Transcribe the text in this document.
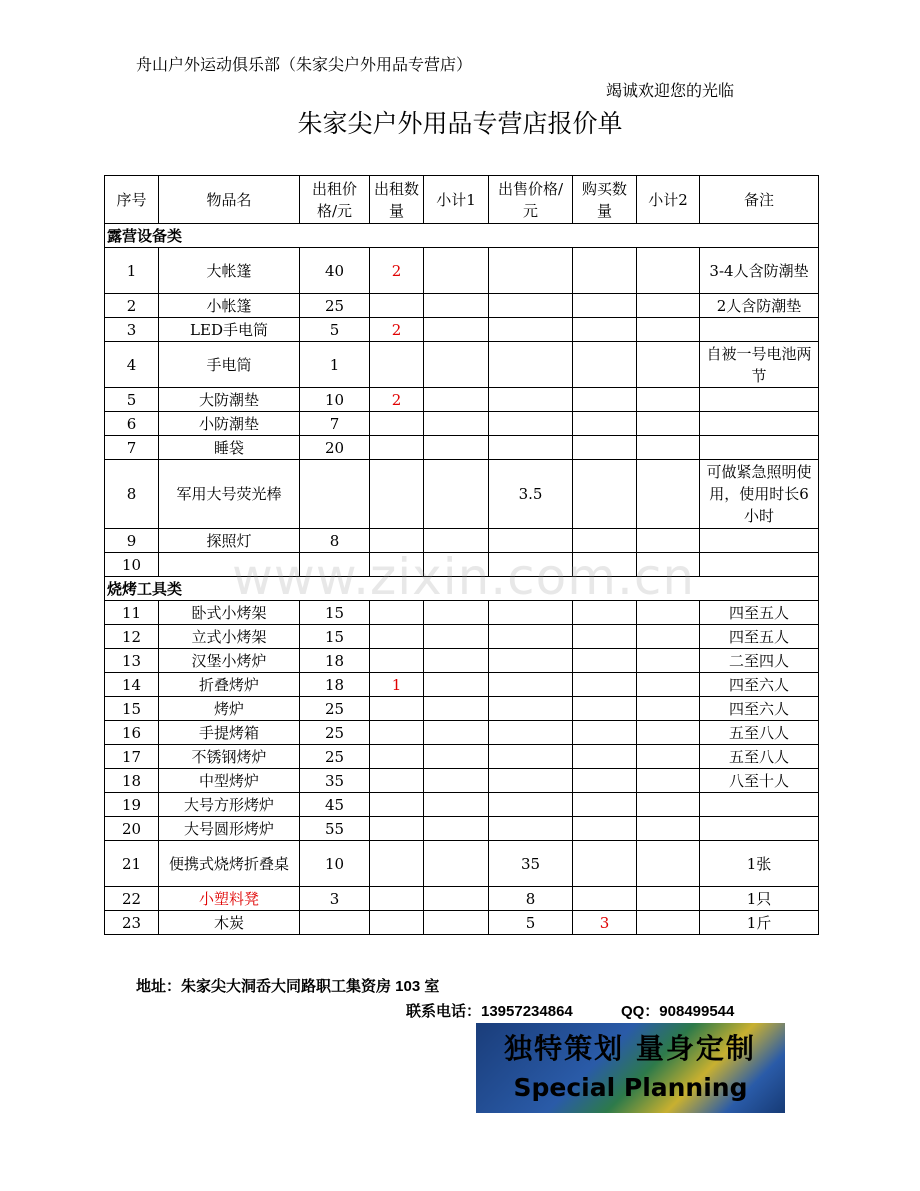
舟山户外运动俱乐部（朱家尖户外用品专营店）
竭诚欢迎您的光临
朱家尖户外用品专营店报价单
序号	物品名	出租价格/元	出租数量	小计1	出售价格/元	购买数量	小计2	备注
露营设备类								
1	大帐篷	40	2					3-4人含防潮垫
2	小帐篷	25						2人含防潮垫
3	LED手电筒	5	2					
4	手电筒	1						自被一号电池两节
5	大防潮垫	10	2					
6	小防潮垫	7						
7	睡袋	20						
8	军用大号荧光棒				3.5			可做紧急照明使用，使用时长6小时
9	探照灯	8						
10								
烧烤工具类								
11	卧式小烤架	15						四至五人
12	立式小烤架	15						四至五人
13	汉堡小烤炉	18						二至四人
14	折叠烤炉	18	1					四至六人
15	烤炉	25						四至六人
16	手提烤箱	25						五至八人
17	不锈钢烤炉	25						五至八人
18	中型烤炉	35						八至十人
19	大号方形烤炉	45						
20	大号圆形烤炉	55						
21	便携式烧烤折叠桌	10			35			1张
22	小塑料凳	3			8			1只
23	木炭				5	3		1斤
www.zixin.com.cn
地址：朱家尖大洞岙大同路职工集资房 103 室
联系电话：13957234864	QQ：908499544
独特策划 量身定制
Special Planning
